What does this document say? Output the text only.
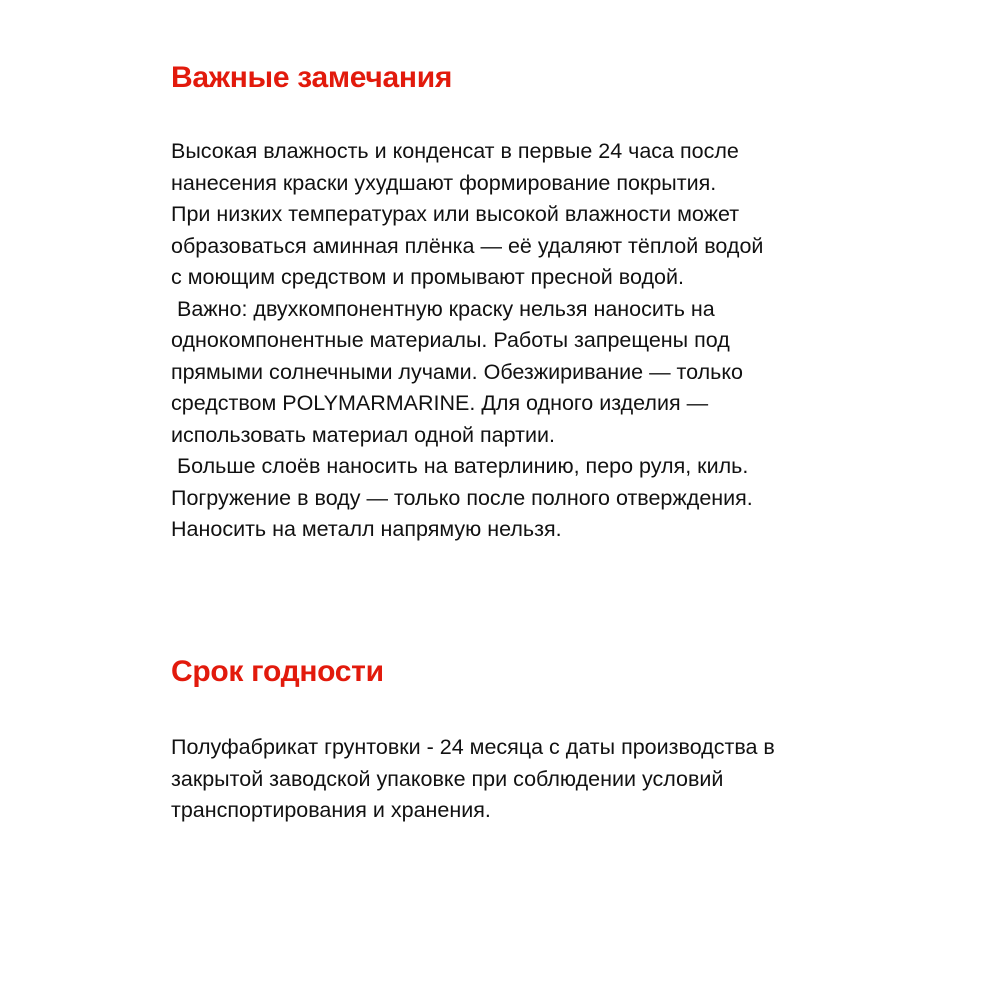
Важные замечания

Высокая влажность и конденсат в первые 24 часа после
нанесения краски ухудшают формирование покрытия.
При низких температурах или высокой влажности может
образоваться аминная плёнка — её удаляют тёплой водой
с моющим средством и промывают пресной водой.
Важно: двухкомпонентную краску нельзя наносить на
однокомпонентные материалы. Работы запрещены под
прямыми солнечными лучами. Обезжиривание — только
средством POLYMARMARINE. Для одного изделия —
использовать материал одной партии.
Больше слоёв наносить на ватерлинию, перо руля, киль.
Погружение в воду — только после полного отверждения.
Наносить на металл напрямую нельзя.

Срок годности

Полуфабрикат грунтовки - 24 месяца с даты производства в
закрытой заводской упаковке при соблюдении условий
транспортирования и хранения.
